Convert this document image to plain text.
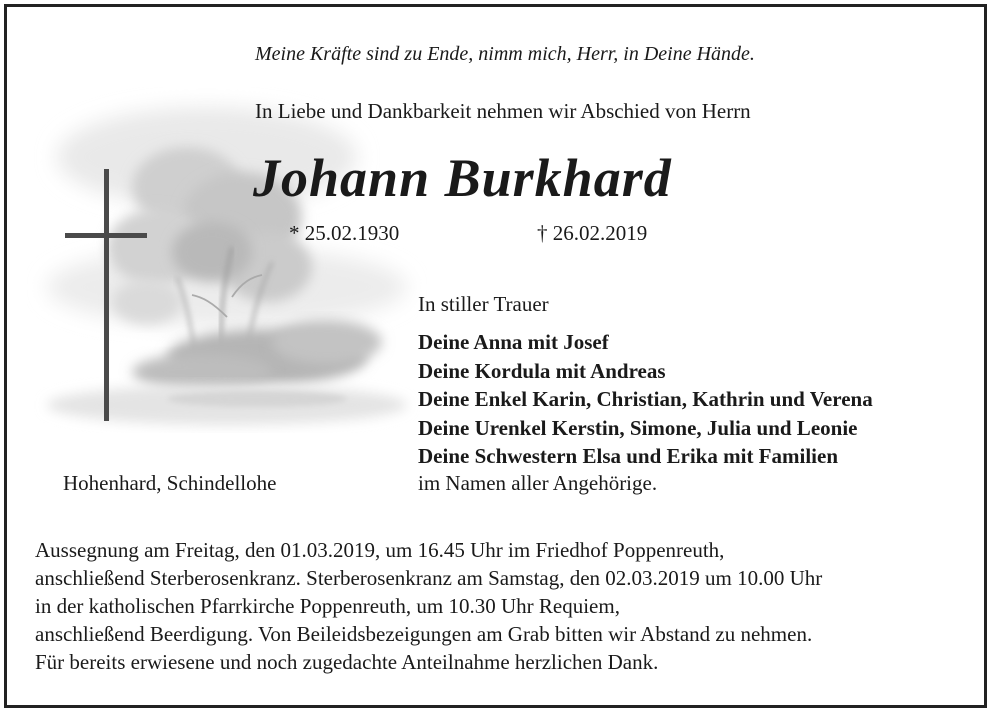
Meine Kräfte sind zu Ende, nimm mich, Herr, in Deine Hände.
In Liebe und Dankbarkeit nehmen wir Abschied von Herrn
Johann Burkhard
* 25.02.1930	† 26.02.2019
In stiller Trauer
Deine Anna mit Josef
Deine Kordula mit Andreas
Deine Enkel Karin, Christian, Kathrin und Verena
Deine Urenkel Kerstin, Simone, Julia und Leonie
Deine Schwestern Elsa und Erika mit Familien
im Namen aller Angehörige.
Hohenhard, Schindellohe
Aussegnung am Freitag, den 01.03.2019, um 16.45 Uhr im Friedhof Poppenreuth,
anschließend Sterberosenkranz. Sterberosenkranz am Samstag, den 02.03.2019 um 10.00 Uhr
in der katholischen Pfarrkirche Poppenreuth, um 10.30 Uhr Requiem,
anschließend Beerdigung. Von Beileidsbezeigungen am Grab bitten wir Abstand zu nehmen.
Für bereits erwiesene und noch zugedachte Anteilnahme herzlichen Dank.
